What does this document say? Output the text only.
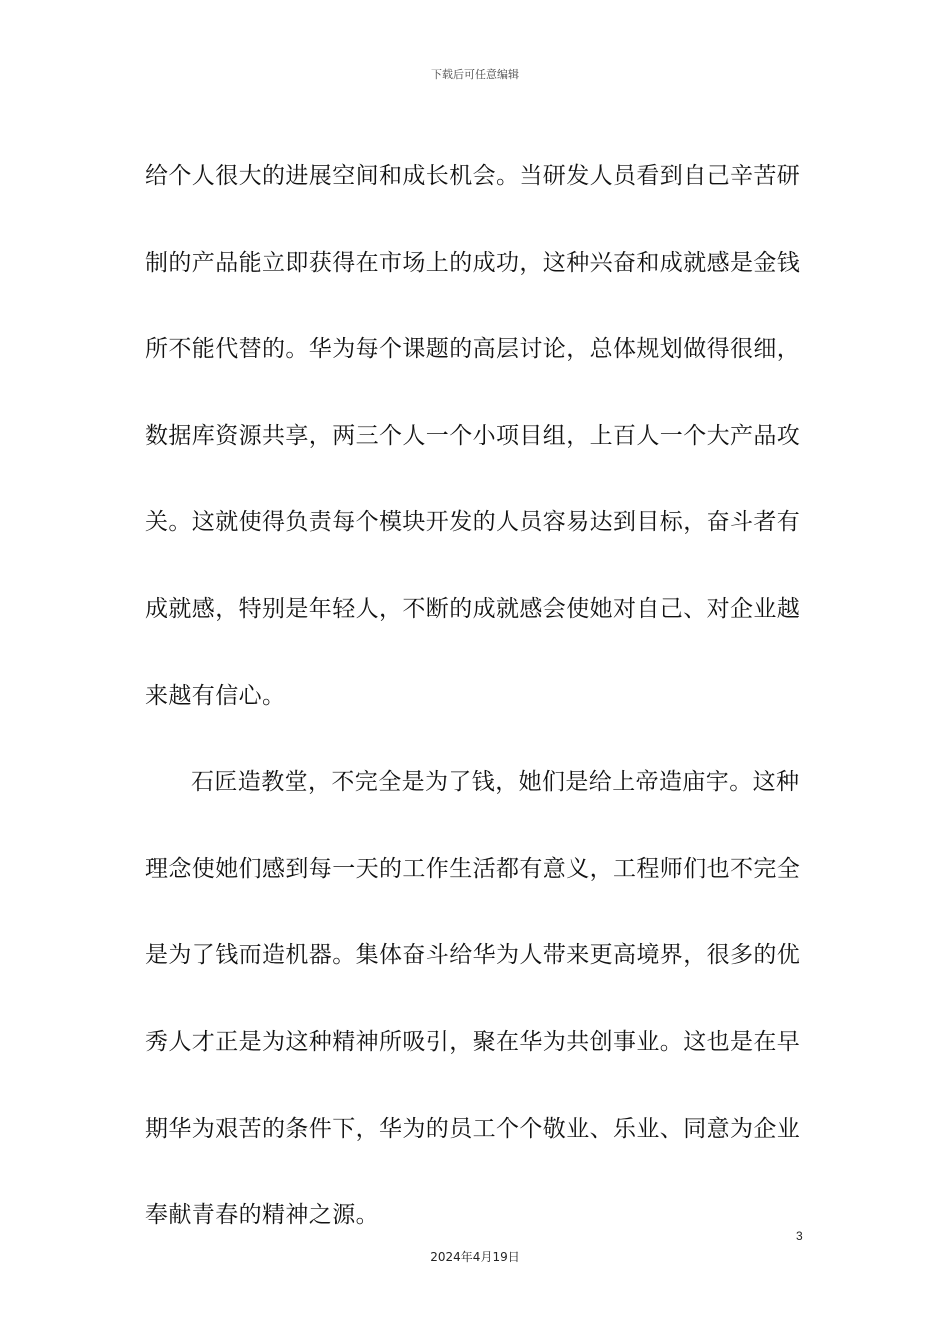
下载后可任意编辑
给个人很大的进展空间和成长机会。当研发人员看到自己辛苦研
制的产品能立即获得在市场上的成功，这种兴奋和成就感是金钱
所不能代替的。华为每个课题的高层讨论，总体规划做得很细，
数据库资源共享，两三个人一个小项目组，上百人一个大产品攻
关。这就使得负责每个模块开发的人员容易达到目标，奋斗者有
成就感，特别是年轻人，不断的成就感会使她对自己、对企业越
来越有信心。
石匠造教堂，不完全是为了钱，她们是给上帝造庙宇。这种
理念使她们感到每一天的工作生活都有意义，工程师们也不完全
是为了钱而造机器。集体奋斗给华为人带来更高境界，很多的优
秀人才正是为这种精神所吸引，聚在华为共创事业。这也是在早
期华为艰苦的条件下，华为的员工个个敬业、乐业、同意为企业
奉献青春的精神之源。
3
2024年4月19日
